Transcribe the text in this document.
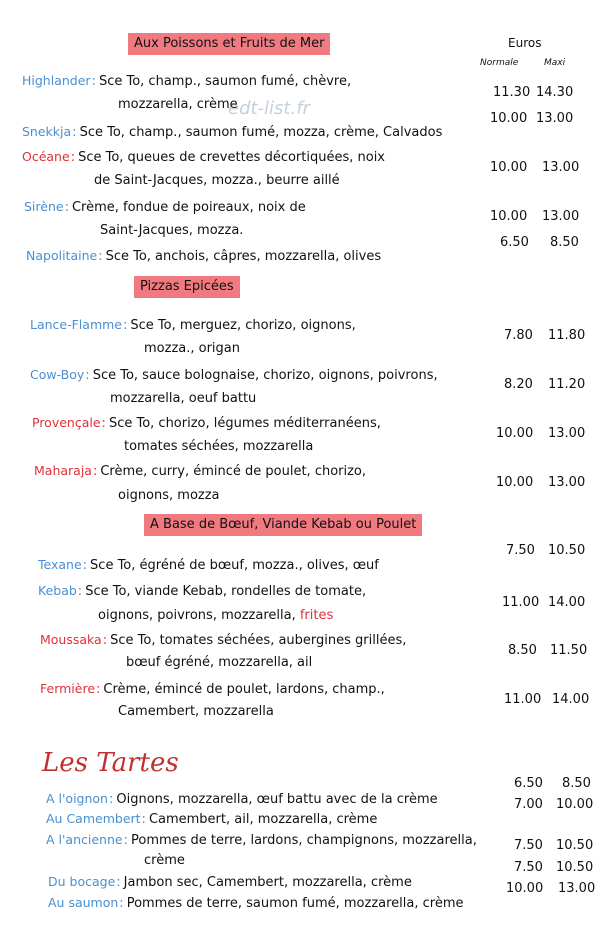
Euros
Normale	Maxi
Aux Poissons et Fruits de Mer
edt-list.fr
Highlander: Sce To, champ., saumon fumé, chèvre,
mozzarella, crème
11.30 14.30
Snekkja: Sce To, champ., saumon fumé, mozza, crème, Calvados
10.00 13.00
Océane: Sce To, queues de crevettes décortiquées, noix
de Saint-Jacques, mozza., beurre aillé
10.00 13.00
Sirène: Crème, fondue de poireaux, noix de
Saint-Jacques, mozza.
10.00 13.00
Napolitaine: Sce To, anchois, câpres, mozzarella, olives
6.50 8.50
Pizzas Epicées
Lance-Flamme: Sce To, merguez, chorizo, oignons,
mozza., origan
7.80 11.80
Cow-Boy: Sce To, sauce bolognaise, chorizo, oignons, poivrons,
mozzarella, oeuf battu
8.20 11.20
Provençale: Sce To, chorizo, légumes méditerranéens,
tomates séchées, mozzarella
10.00 13.00
Maharaja: Crème, curry, émincé de poulet, chorizo,
oignons, mozza
10.00 13.00
A Base de Bœuf, Viande Kebab ou Poulet
Texane: Sce To, égréné de bœuf, mozza., olives, œuf
7.50 10.50
Kebab: Sce To, viande Kebab, rondelles de tomate,
oignons, poivrons, mozzarella, frites
11.00 14.00
Moussaka: Sce To, tomates séchées, aubergines grillées,
bœuf égréné, mozzarella, ail
8.50 11.50
Fermière: Crème, émincé de poulet, lardons, champ.,
Camembert, mozzarella
11.00 14.00
Les Tartes
A l'oignon: Oignons, mozzarella, œuf battu avec de la crème
6.50 8.50
Au Camembert: Camembert, ail, mozzarella, crème
7.00 10.00
A l'ancienne: Pommes de terre, lardons, champignons, mozzarella,
crème
7.50 10.50
Du bocage: Jambon sec, Camembert, mozzarella, crème
7.50 10.50
Au saumon: Pommes de terre, saumon fumé, mozzarella, crème
10.00 13.00
